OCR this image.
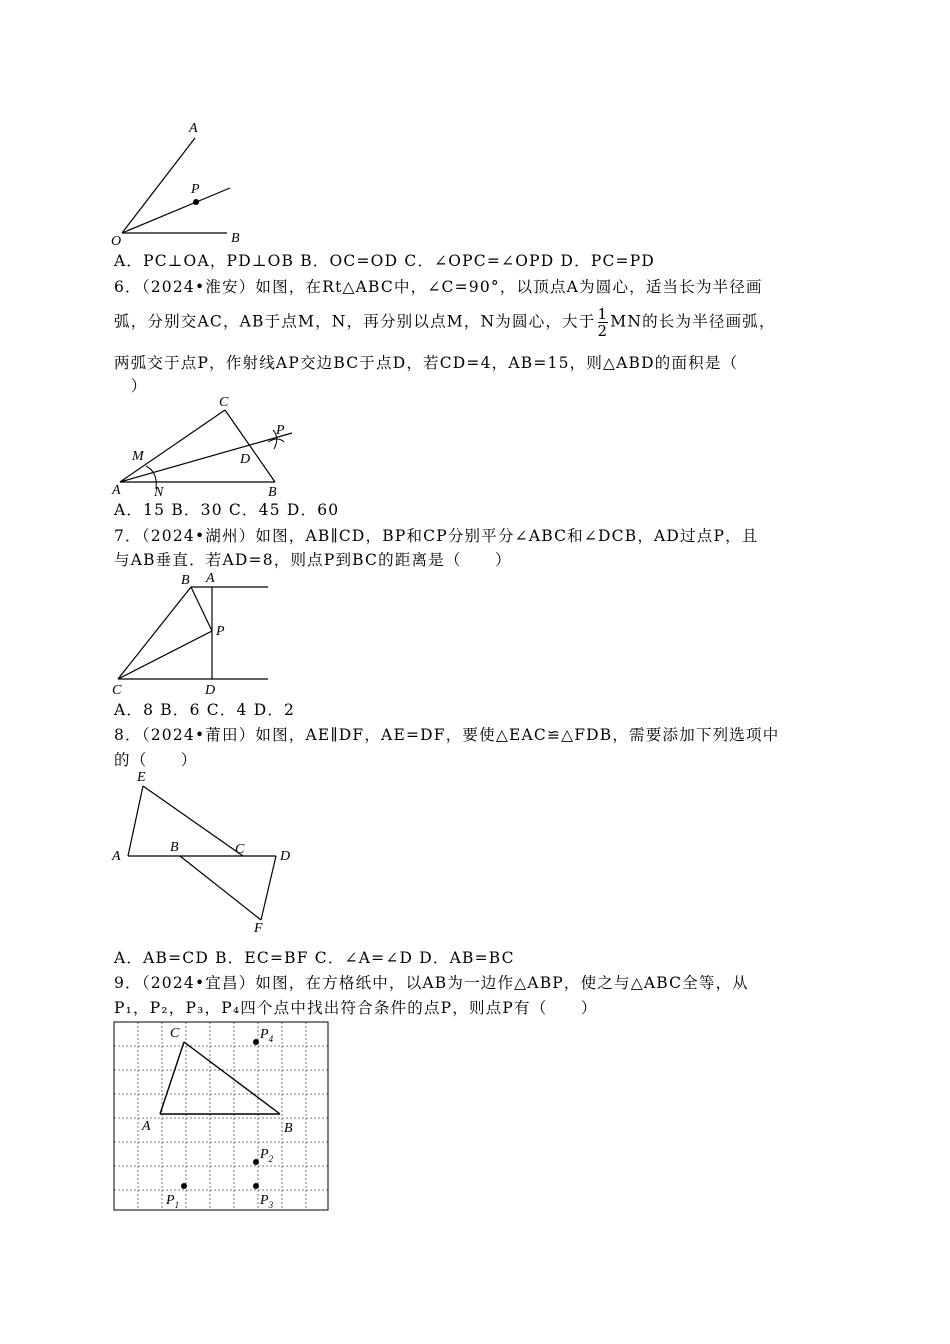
A
P
O	B
A．PC⊥OA，PD⊥OB B．OC=OD C．∠OPC=∠OPD D．PC=PD
6．（2024•淮安）如图，在Rt△ABC中，∠C=90°，以顶点A为圆心，适当长为半径画
弧，分别交AC，AB于点M，N，再分别以点M，N为圆心，大于 $\frac{1}{2}$ MN的长为半径画弧，
两弧交于点P，作射线AP交边BC于点D，若CD=4，AB=15，则△ABD的面积是（
　）
C
P
M	D
A N	B
A．15 B．30 C．45 D．60
7．（2024•湖州）如图，AB∥CD，BP和CP分别平分∠ABC和∠DCB，AD过点P，且
与AB垂直．若AD=8，则点P到BC的距离是（　　）
B A
P
C	D
A．8 B．6 C．4 D．2
8．（2024•莆田）如图，AE∥DF，AE=DF，要使△EAC≌△FDB，需要添加下列选项中
的（　　）
E
A
B	C	D
F
A．AB=CD B．EC=BF C．∠A=∠D D．AB=BC
9．（2024•宜昌）如图，在方格纸中，以AB为一边作△ABP，使之与△ABC全等，从
P₁，P₂，P₃，P₄四个点中找出符合条件的点P，则点P有（　　）
C
A	B
$P_4$
$P_2$
$P_1$	$P_3$
